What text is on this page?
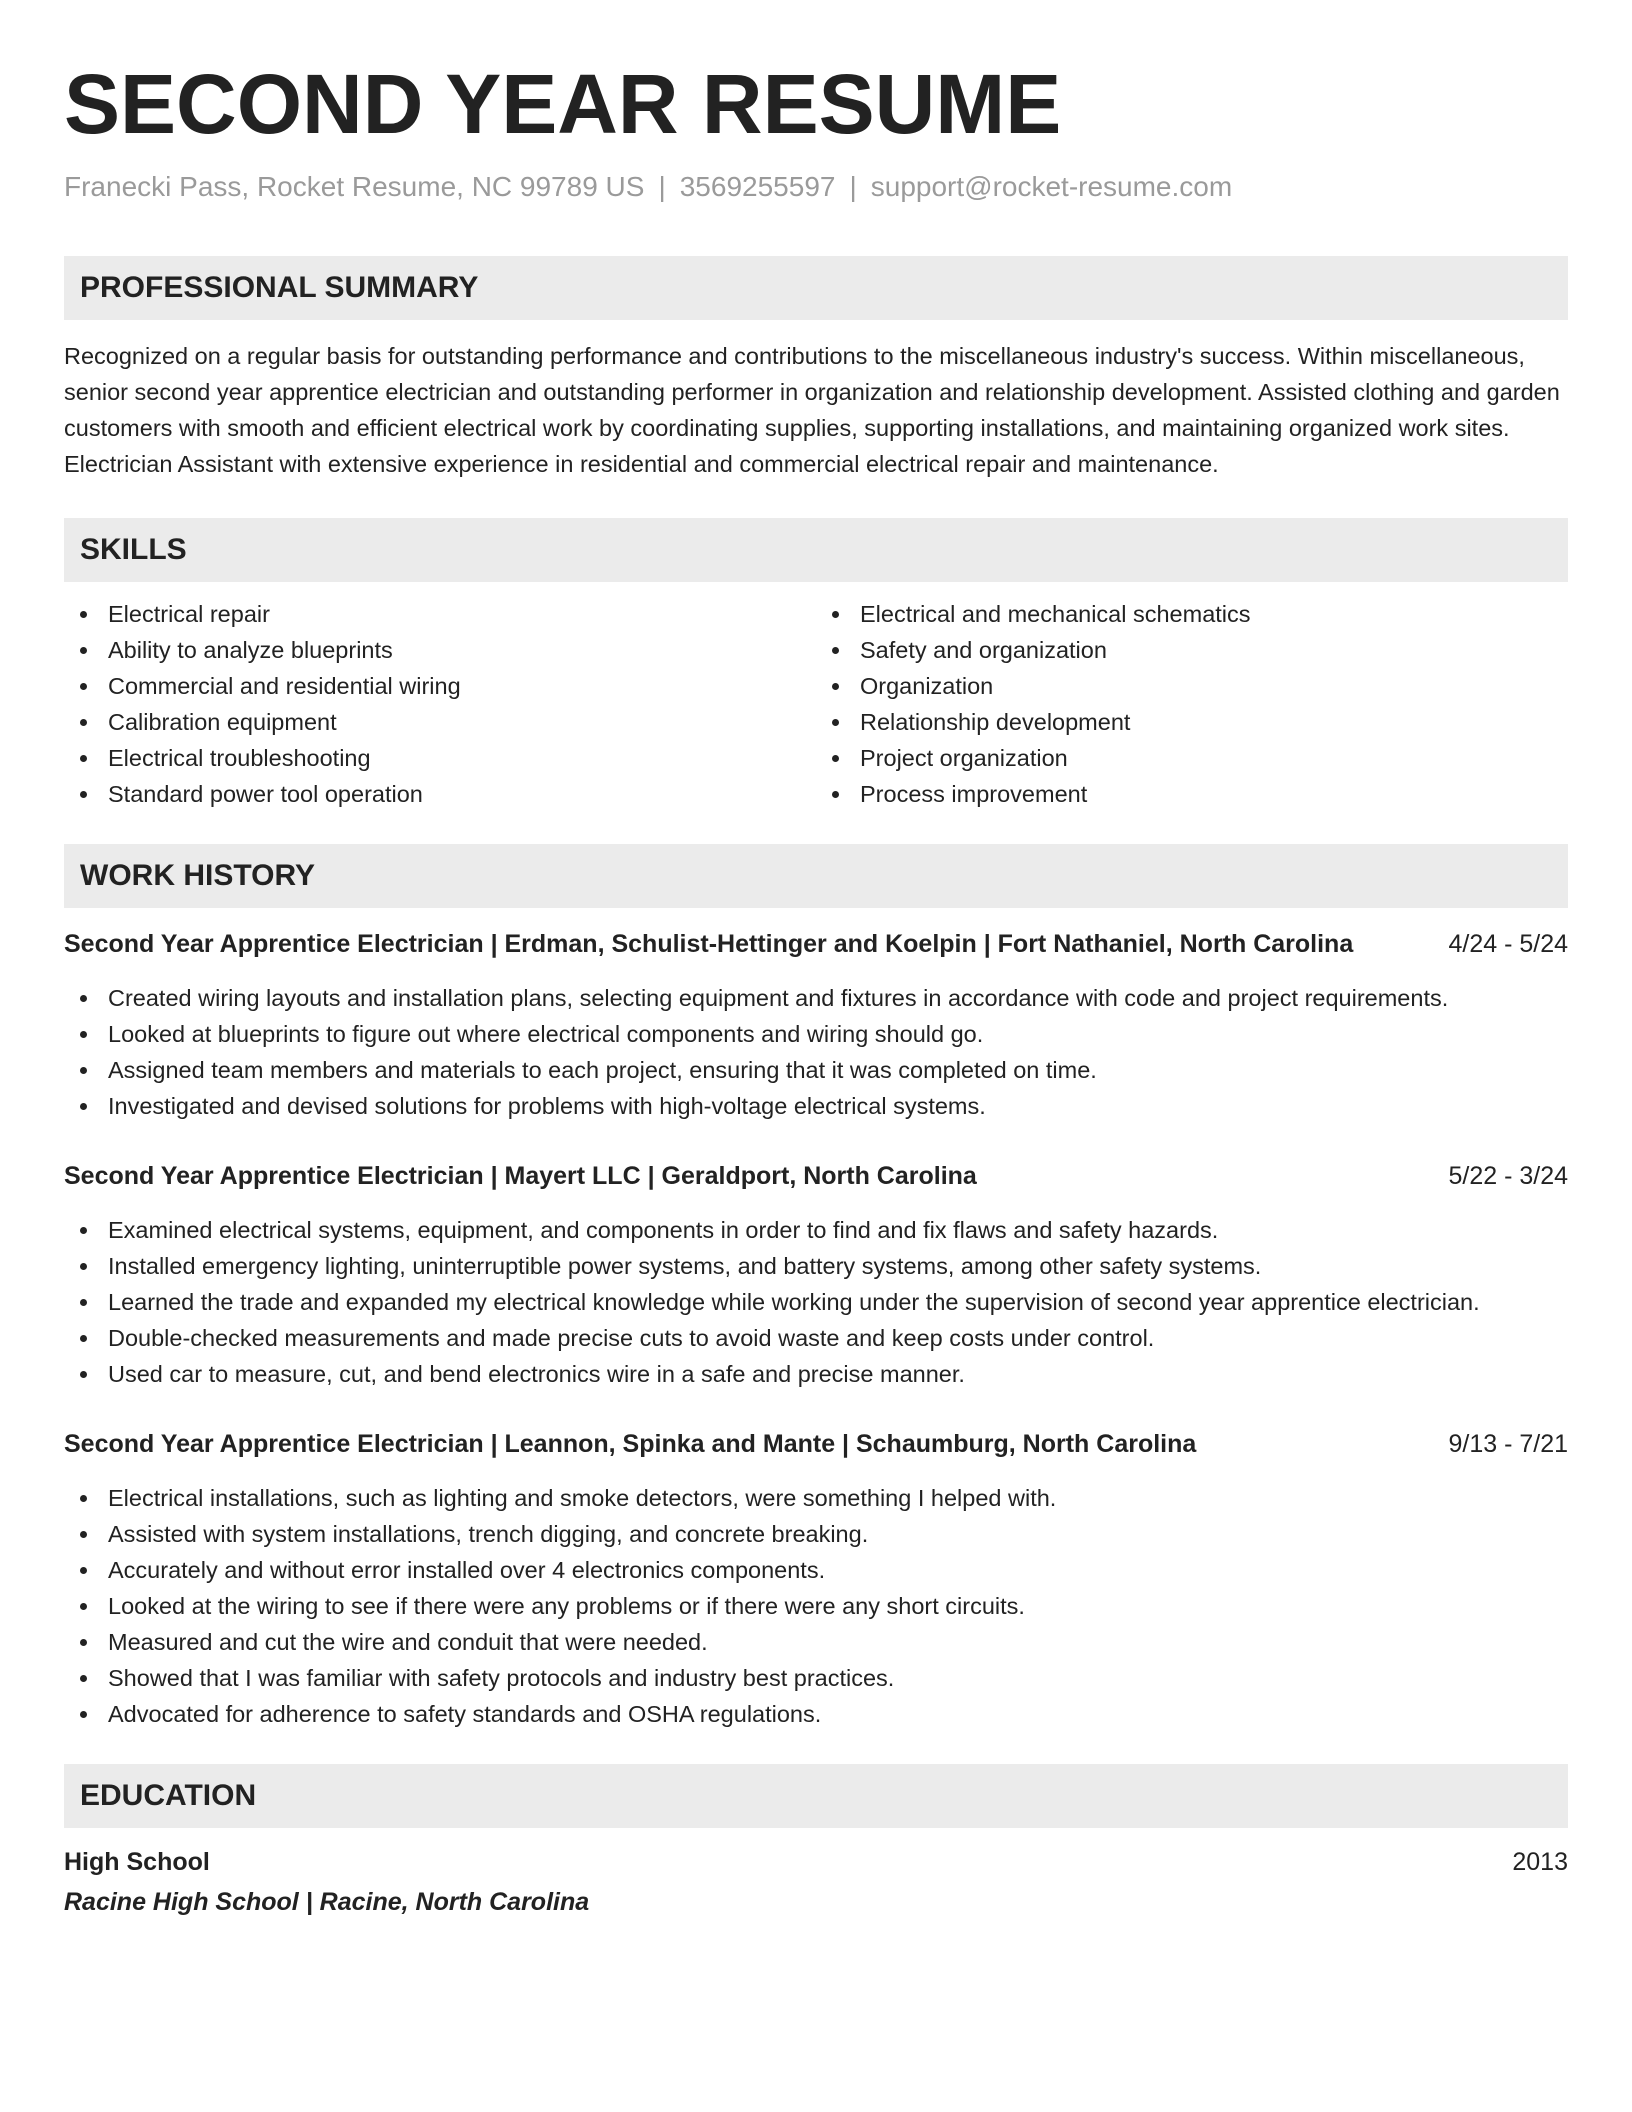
SECOND YEAR RESUME
Franecki Pass, Rocket Resume, NC 99789 US | 3569255597 | support@rocket-resume.com
PROFESSIONAL SUMMARY

Recognized on a regular basis for outstanding performance and contributions to the miscellaneous industry's success. Within miscellaneous, senior second year apprentice electrician and outstanding performer in organization and relationship development. Assisted clothing and garden customers with smooth and efficient electrical work by coordinating supplies, supporting installations, and maintaining organized work sites. Electrician Assistant with extensive experience in residential and commercial electrical repair and maintenance.

SKILLS
Electrical repair
Ability to analyze blueprints
Commercial and residential wiring
Calibration equipment
Electrical troubleshooting
Standard power tool operation
Electrical and mechanical schematics
Safety and organization
Organization
Relationship development
Project organization
Process improvement
WORK HISTORY
Second Year Apprentice Electrician | Erdman, Schulist-Hettinger and Koelpin | Fort Nathaniel, North Carolina	4/24 - 5/24
Created wiring layouts and installation plans, selecting equipment and fixtures in accordance with code and project requirements.
Looked at blueprints to figure out where electrical components and wiring should go.
Assigned team members and materials to each project, ensuring that it was completed on time.
Investigated and devised solutions for problems with high-voltage electrical systems.
Second Year Apprentice Electrician | Mayert LLC | Geraldport, North Carolina	5/22 - 3/24
Examined electrical systems, equipment, and components in order to find and fix flaws and safety hazards.
Installed emergency lighting, uninterruptible power systems, and battery systems, among other safety systems.
Learned the trade and expanded my electrical knowledge while working under the supervision of second year apprentice electrician.
Double-checked measurements and made precise cuts to avoid waste and keep costs under control.
Used car to measure, cut, and bend electronics wire in a safe and precise manner.
Second Year Apprentice Electrician | Leannon, Spinka and Mante | Schaumburg, North Carolina	9/13 - 7/21
Electrical installations, such as lighting and smoke detectors, were something I helped with.
Assisted with system installations, trench digging, and concrete breaking.
Accurately and without error installed over 4 electronics components.
Looked at the wiring to see if there were any problems or if there were any short circuits.
Measured and cut the wire and conduit that were needed.
Showed that I was familiar with safety protocols and industry best practices.
Advocated for adherence to safety standards and OSHA regulations.
EDUCATION
High School	2013
Racine High School | Racine, North Carolina
